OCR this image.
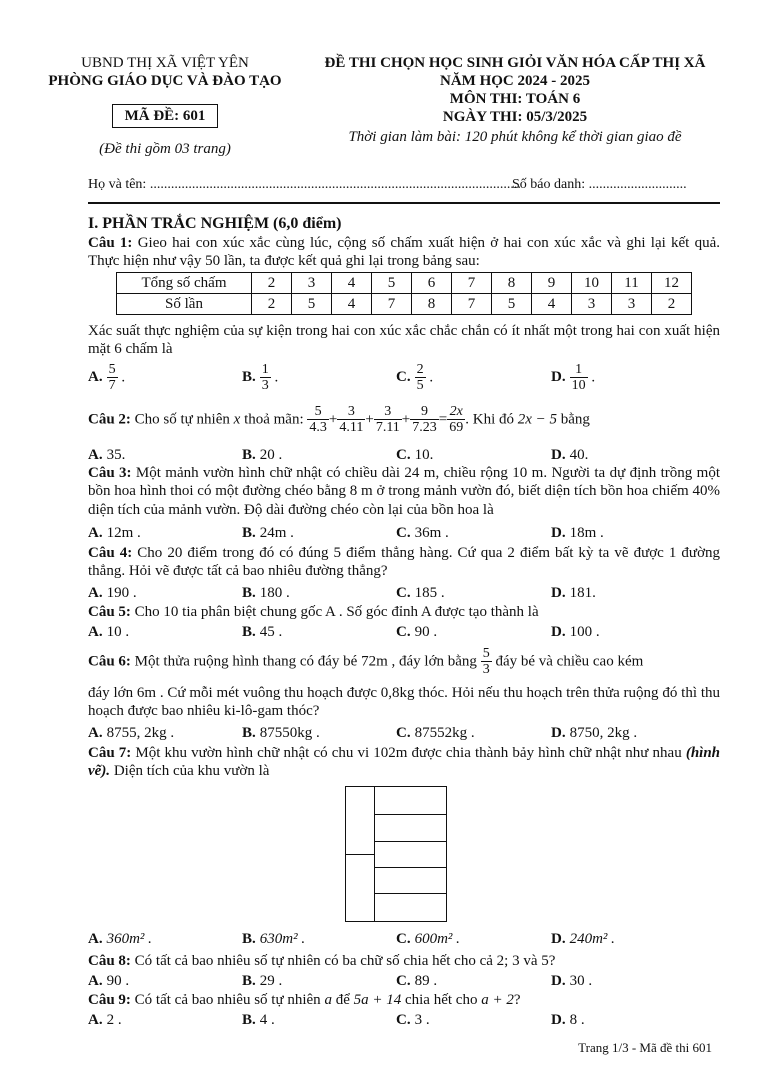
UBND THỊ XÃ VIỆT YÊN
PHÒNG GIÁO DỤC VÀ ĐÀO TẠO
MÃ ĐỀ: 601
(Đề thi gồm 03 trang)
ĐỀ THI CHỌN HỌC SINH GIỎI VĂN HÓA CẤP THỊ XÃ
NĂM HỌC 2024 - 2025
MÔN THI: TOÁN 6
NGÀY THI: 05/3/2025
Thời gian làm bài: 120 phút không kể thời gian giao đề
Họ và tên: ..........................................................................................................
Số báo danh: ............................
I. PHẦN TRẮC NGHIỆM (6,0 điểm)
Câu 1: Gieo hai con xúc xắc cùng lúc, cộng số chấm xuất hiện ở hai con xúc xắc và ghi lại kết quả. Thực hiện như vậy 50 lần, ta được kết quả ghi lại trong bảng sau:
Tổng số chấm	2	3	4	5	6	7	8	9	10	11	12
Số lần	2	5	4	7	8	7	5	4	3	3	2
Xác suất thực nghiệm của sự kiện trong hai con xúc xắc chắc chắn có ít nhất một trong hai con xuất hiện mặt 6 chấm là
A. $\frac{5}{7}$ .	B. $\frac{1}{3}$ .	C. $\frac{2}{5}$ .	D. $\frac{1}{10}$ .
Câu 2: Cho số tự nhiên x thoả mãn: $\frac{5}{4.3} + \frac{3}{4.11} + \frac{3}{7.11} + \frac{9}{7.23} = \frac{2x}{69}$ . Khi đó 2x − 5 bằng
A. 35.	B. 20 .	C. 10.	D. 40.
Câu 3: Một mảnh vườn hình chữ nhật có chiều dài 24 m, chiều rộng 10 m. Người ta dự định trồng một bồn hoa hình thoi có một đường chéo bằng 8 m ở trong mảnh vườn đó, biết diện tích bồn hoa chiếm 40% diện tích của mảnh vườn. Độ dài đường chéo còn lại của bồn hoa là
A. 12m .	B. 24m .	C. 36m .	D. 18m .
Câu 4: Cho 20 điểm trong đó có đúng 5 điểm thẳng hàng. Cứ qua 2 điểm bất kỳ ta vẽ được 1 đường thẳng. Hỏi vẽ được tất cả bao nhiêu đường thẳng?
A. 190 .	B. 180 .	C. 185 .	D. 181.
Câu 5: Cho 10 tia phân biệt chung gốc A . Số góc đỉnh A được tạo thành là
A. 10 .	B. 45 .	C. 90 .	D. 100 .
Câu 6: Một thửa ruộng hình thang có đáy bé 72m , đáy lớn bằng $\frac{5}{3}$ đáy bé và chiều cao kém
đáy lớn 6m . Cứ mỗi mét vuông thu hoạch được 0,8kg thóc. Hỏi nếu thu hoạch trên thửa ruộng đó thì thu hoạch được bao nhiêu ki-lô-gam thóc?
A. 8755, 2kg .	B. 87550kg .	C. 87552kg .	D. 8750, 2kg .
Câu 7: Một khu vườn hình chữ nhật có chu vi 102m được chia thành bảy hình chữ nhật như nhau (hình vẽ). Diện tích của khu vườn là
A. 360m² .	B. 630m² .	C. 600m² .	D. 240m² .
Câu 8: Có tất cả bao nhiêu số tự nhiên có ba chữ số chia hết cho cả 2; 3 và 5?
A. 90 .	B. 29 .	C. 89 .	D. 30 .
Câu 9: Có tất cả bao nhiêu số tự nhiên a để 5a + 14 chia hết cho a + 2?
A. 2 .	B. 4 .	C. 3 .	D. 8 .
Trang 1/3 - Mã đề thi 601
